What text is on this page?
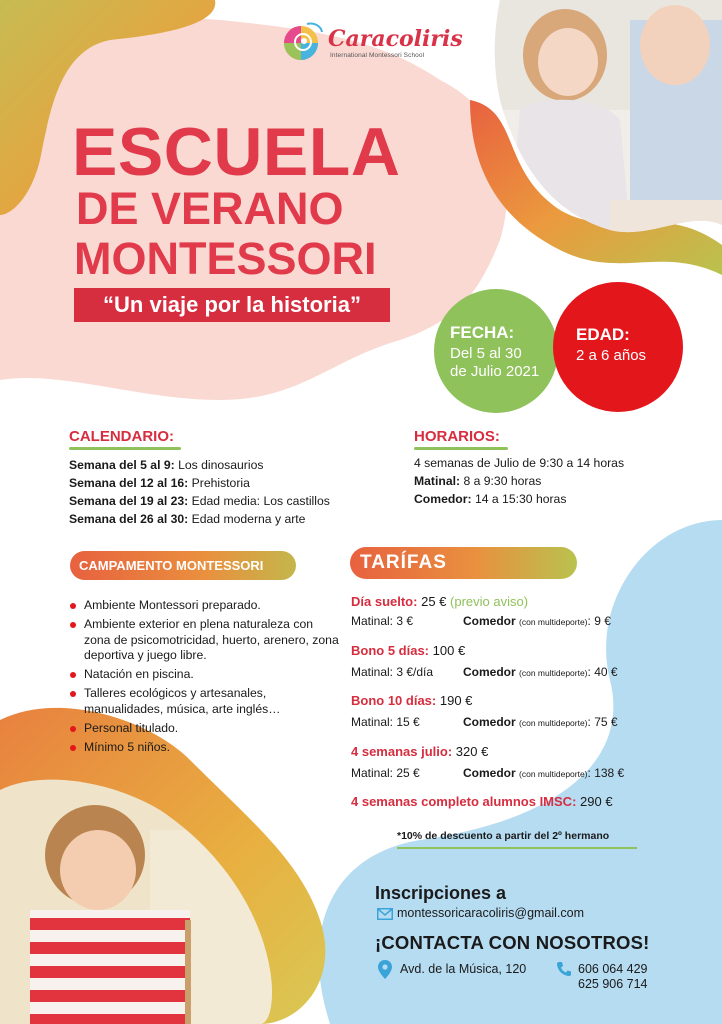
Caracoliris
International Montessori School
ESCUELA
DE VERANO
MONTESSORI
“Un viaje por la historia”
FECHA:
Del 5 al 30
de Julio 2021
EDAD:
2 a 6 años
CALENDARIO:
Semana del 5 al 9: Los dinosaurios
Semana del 12 al 16: Prehistoria
Semana del 19 al 23: Edad media: Los castillos
Semana del 26 al 30: Edad moderna y arte
HORARIOS:
4 semanas de Julio de 9:30 a 14 horas
Matinal: 8 a 9:30 horas
Comedor: 14 a 15:30 horas
CAMPAMENTO MONTESSORI
Ambiente Montessori preparado.
Ambiente exterior en plena naturaleza con zona de psicomotricidad, huerto, arenero, zona deportiva y juego libre.
Natación en piscina.
Talleres ecológicos y artesanales, manualidades, música, arte inglés…
Personal titulado.
Mínimo 5 niños.
TARÍFAS
Día suelto: 25 € (previo aviso)
Matinal: 3 €	Comedor (con multideporte): 9 €
Bono 5 días: 100 €
Matinal: 3 €/día Comedor (con multideporte): 40 €
Bono 10 días: 190 €
Matinal: 15 €	Comedor (con multideporte): 75 €
4 semanas julio: 320 €
Matinal: 25 €	Comedor (con multideporte): 138 €
4 semanas completo alumnos IMSC: 290 €
*10% de descuento a partir del 2º hermano
Inscripciones a
montessoricaracoliris@gmail.com
¡CONTACTA CON NOSOTROS!
Avd. de la Música, 120	606 064 429
625 906 714
